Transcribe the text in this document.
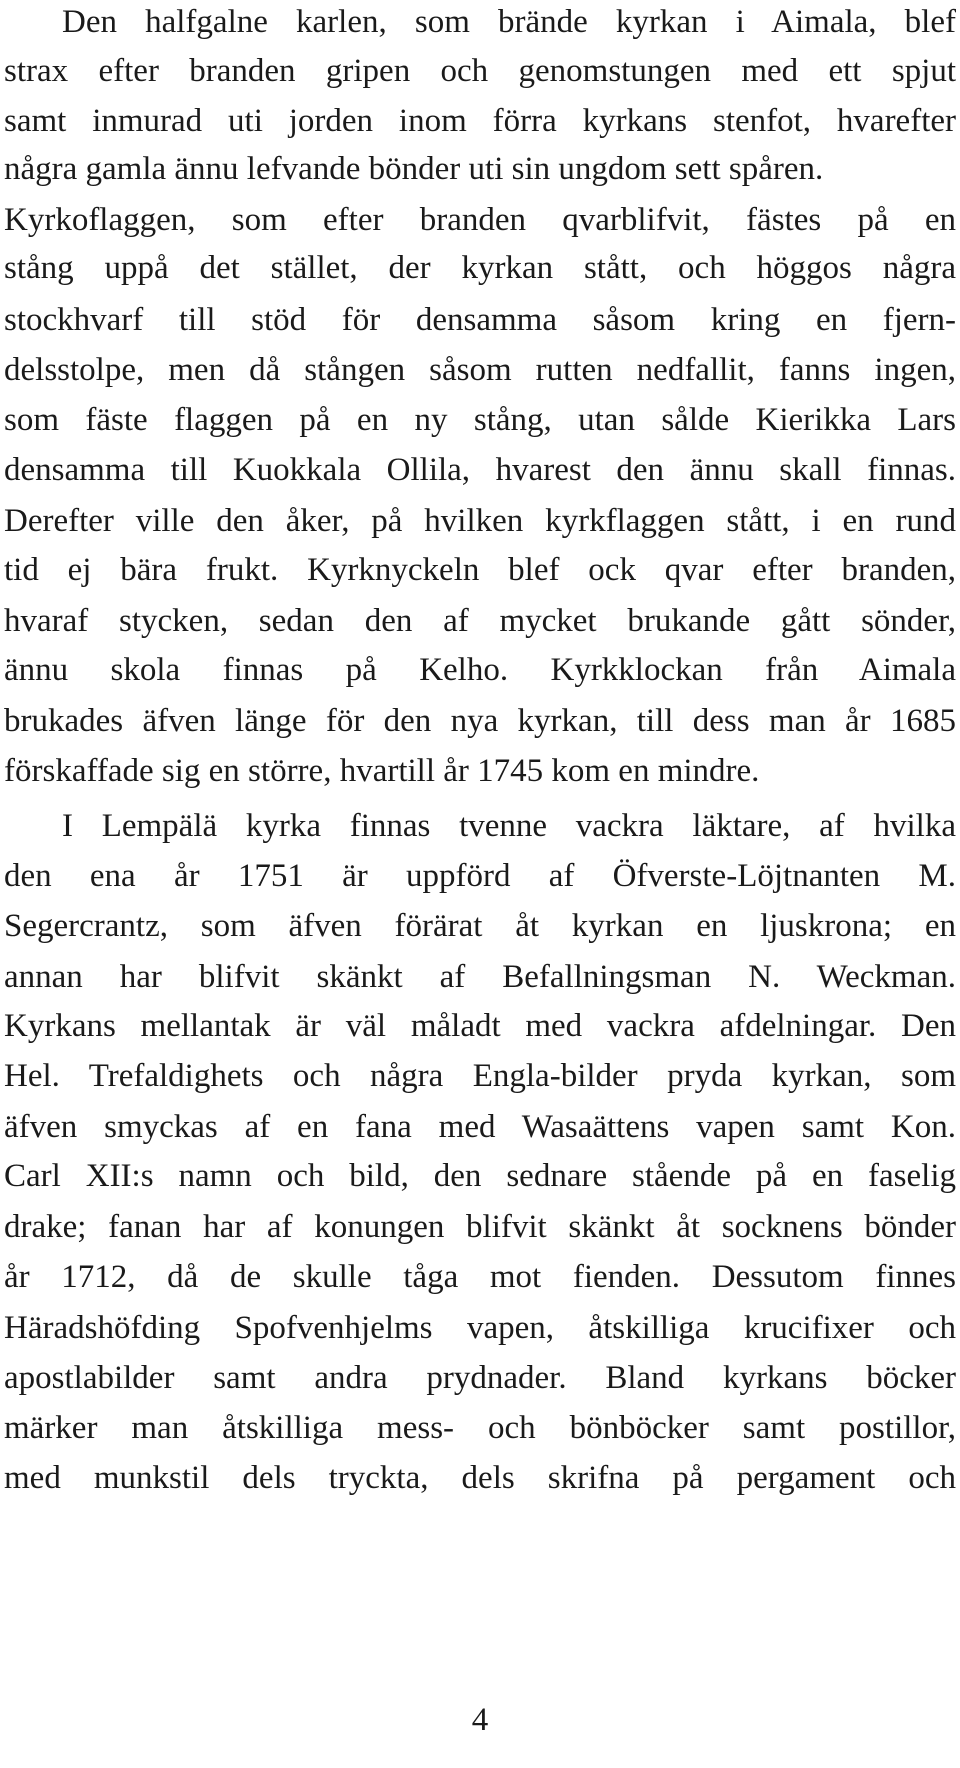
Den halfgalne karlen, som brände kyrkan i Aimala, blef
strax efter branden gripen och genomstungen med ett spjut
samt inmurad uti jorden inom förra kyrkans stenfot, hvarefter
några gamla ännu lefvande bönder uti sin ungdom sett spåren.
Kyrkoflaggen, som efter branden qvarblifvit, fästes på en
stång uppå det stället, der kyrkan stått, och höggos några
stockhvarf till stöd för densamma såsom kring en fjern-
delsstolpe, men då stången såsom rutten nedfallit, fanns ingen,
som fäste flaggen på en ny stång, utan sålde Kierikka Lars
densamma till Kuokkala Ollila, hvarest den ännu skall finnas.
Derefter ville den åker, på hvilken kyrkflaggen stått, i en rund
tid ej bära frukt. Kyrknyckeln blef ock qvar efter branden,
hvaraf stycken, sedan den af mycket brukande gått sönder,
ännu skola finnas på Kelho. Kyrkklockan från Aimala
brukades äfven länge för den nya kyrkan, till dess man år 1685
förskaffade sig en större, hvartill år 1745 kom en mindre.
I Lempälä kyrka finnas tvenne vackra läktare, af hvilka
den ena år 1751 är uppförd af Öfverste-Löjtnanten M.
Segercrantz, som äfven förärat åt kyrkan en ljuskrona; en
annan har blifvit skänkt af Befallningsman N. Weckman.
Kyrkans mellantak är väl måladt med vackra afdelningar. Den
Hel. Trefaldighets och några Engla-bilder pryda kyrkan, som
äfven smyckas af en fana med Wasaättens vapen samt Kon.
Carl XII:s namn och bild, den sednare stående på en faselig
drake; fanan har af konungen blifvit skänkt åt socknens bönder
år 1712, då de skulle tåga mot fienden. Dessutom finnes
Häradshöfding Spofvenhjelms vapen, åtskilliga krucifixer och
apostlabilder samt andra prydnader. Bland kyrkans böcker
märker man åtskilliga mess- och bönböcker samt postillor,
med munkstil dels tryckta, dels skrifna på pergament och
4
